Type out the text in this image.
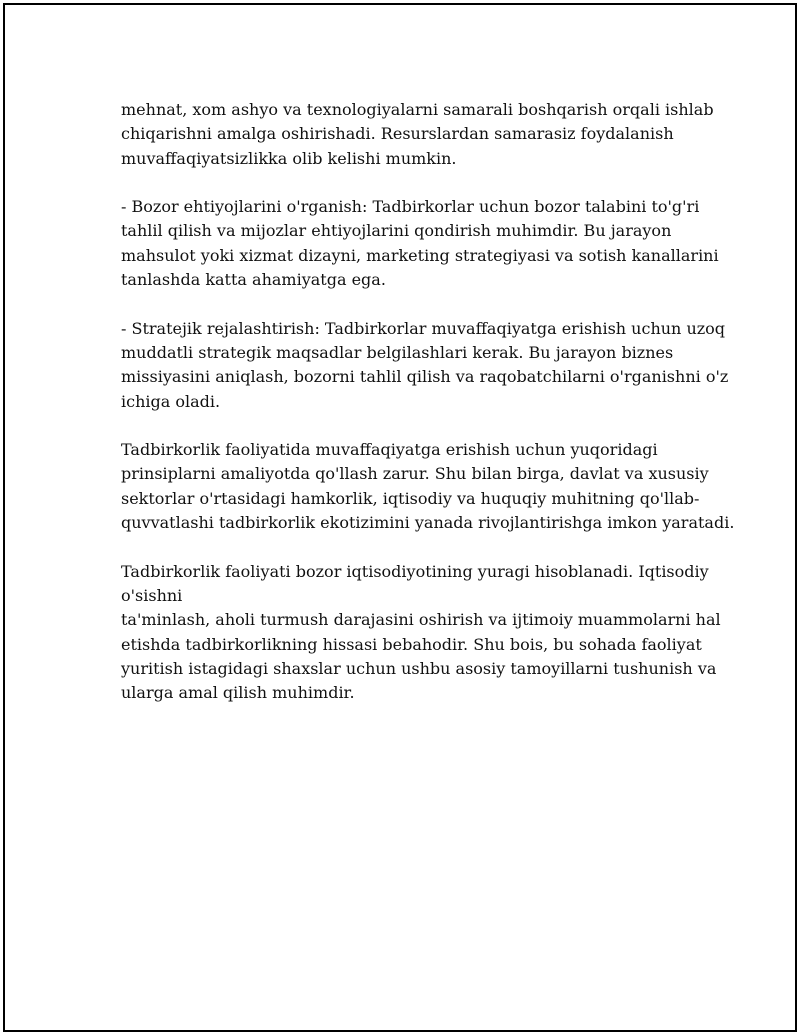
mehnat, xom ashyo va texnologiyalarni samarali boshqarish orqali ishlab
chiqarishni amalga oshirishadi. Resurslardan samarasiz foydalanish
muvaffaqiyatsizlikka olib kelishi mumkin.

- Bozor ehtiyojlarini o'rganish: Tadbirkorlar uchun bozor talabini to'g'ri
tahlil qilish va mijozlar ehtiyojlarini qondirish muhimdir. Bu jarayon
mahsulot yoki xizmat dizayni, marketing strategiyasi va sotish kanallarini
tanlashda katta ahamiyatga ega.

- Stratejik rejalashtirish: Tadbirkorlar muvaffaqiyatga erishish uchun uzoq
muddatli strategik maqsadlar belgilashlari kerak. Bu jarayon biznes
missiyasini aniqlash, bozorni tahlil qilish va raqobatchilarni o'rganishni o'z
ichiga oladi.

Tadbirkorlik faoliyatida muvaffaqiyatga erishish uchun yuqoridagi
prinsiplarni amaliyotda qo'llash zarur. Shu bilan birga, davlat va xususiy
sektorlar o'rtasidagi hamkorlik, iqtisodiy va huquqiy muhitning qo'llab-
quvvatlashi tadbirkorlik ekotizimini yanada rivojlantirishga imkon yaratadi.

Tadbirkorlik faoliyati bozor iqtisodiyotining yuragi hisoblanadi. Iqtisodiy
o'sishni
ta'minlash, aholi turmush darajasini oshirish va ijtimoiy muammolarni hal
etishda tadbirkorlikning hissasi bebahodir. Shu bois, bu sohada faoliyat
yuritish istagidagi shaxslar uchun ushbu asosiy tamoyillarni tushunish va
ularga amal qilish muhimdir.
